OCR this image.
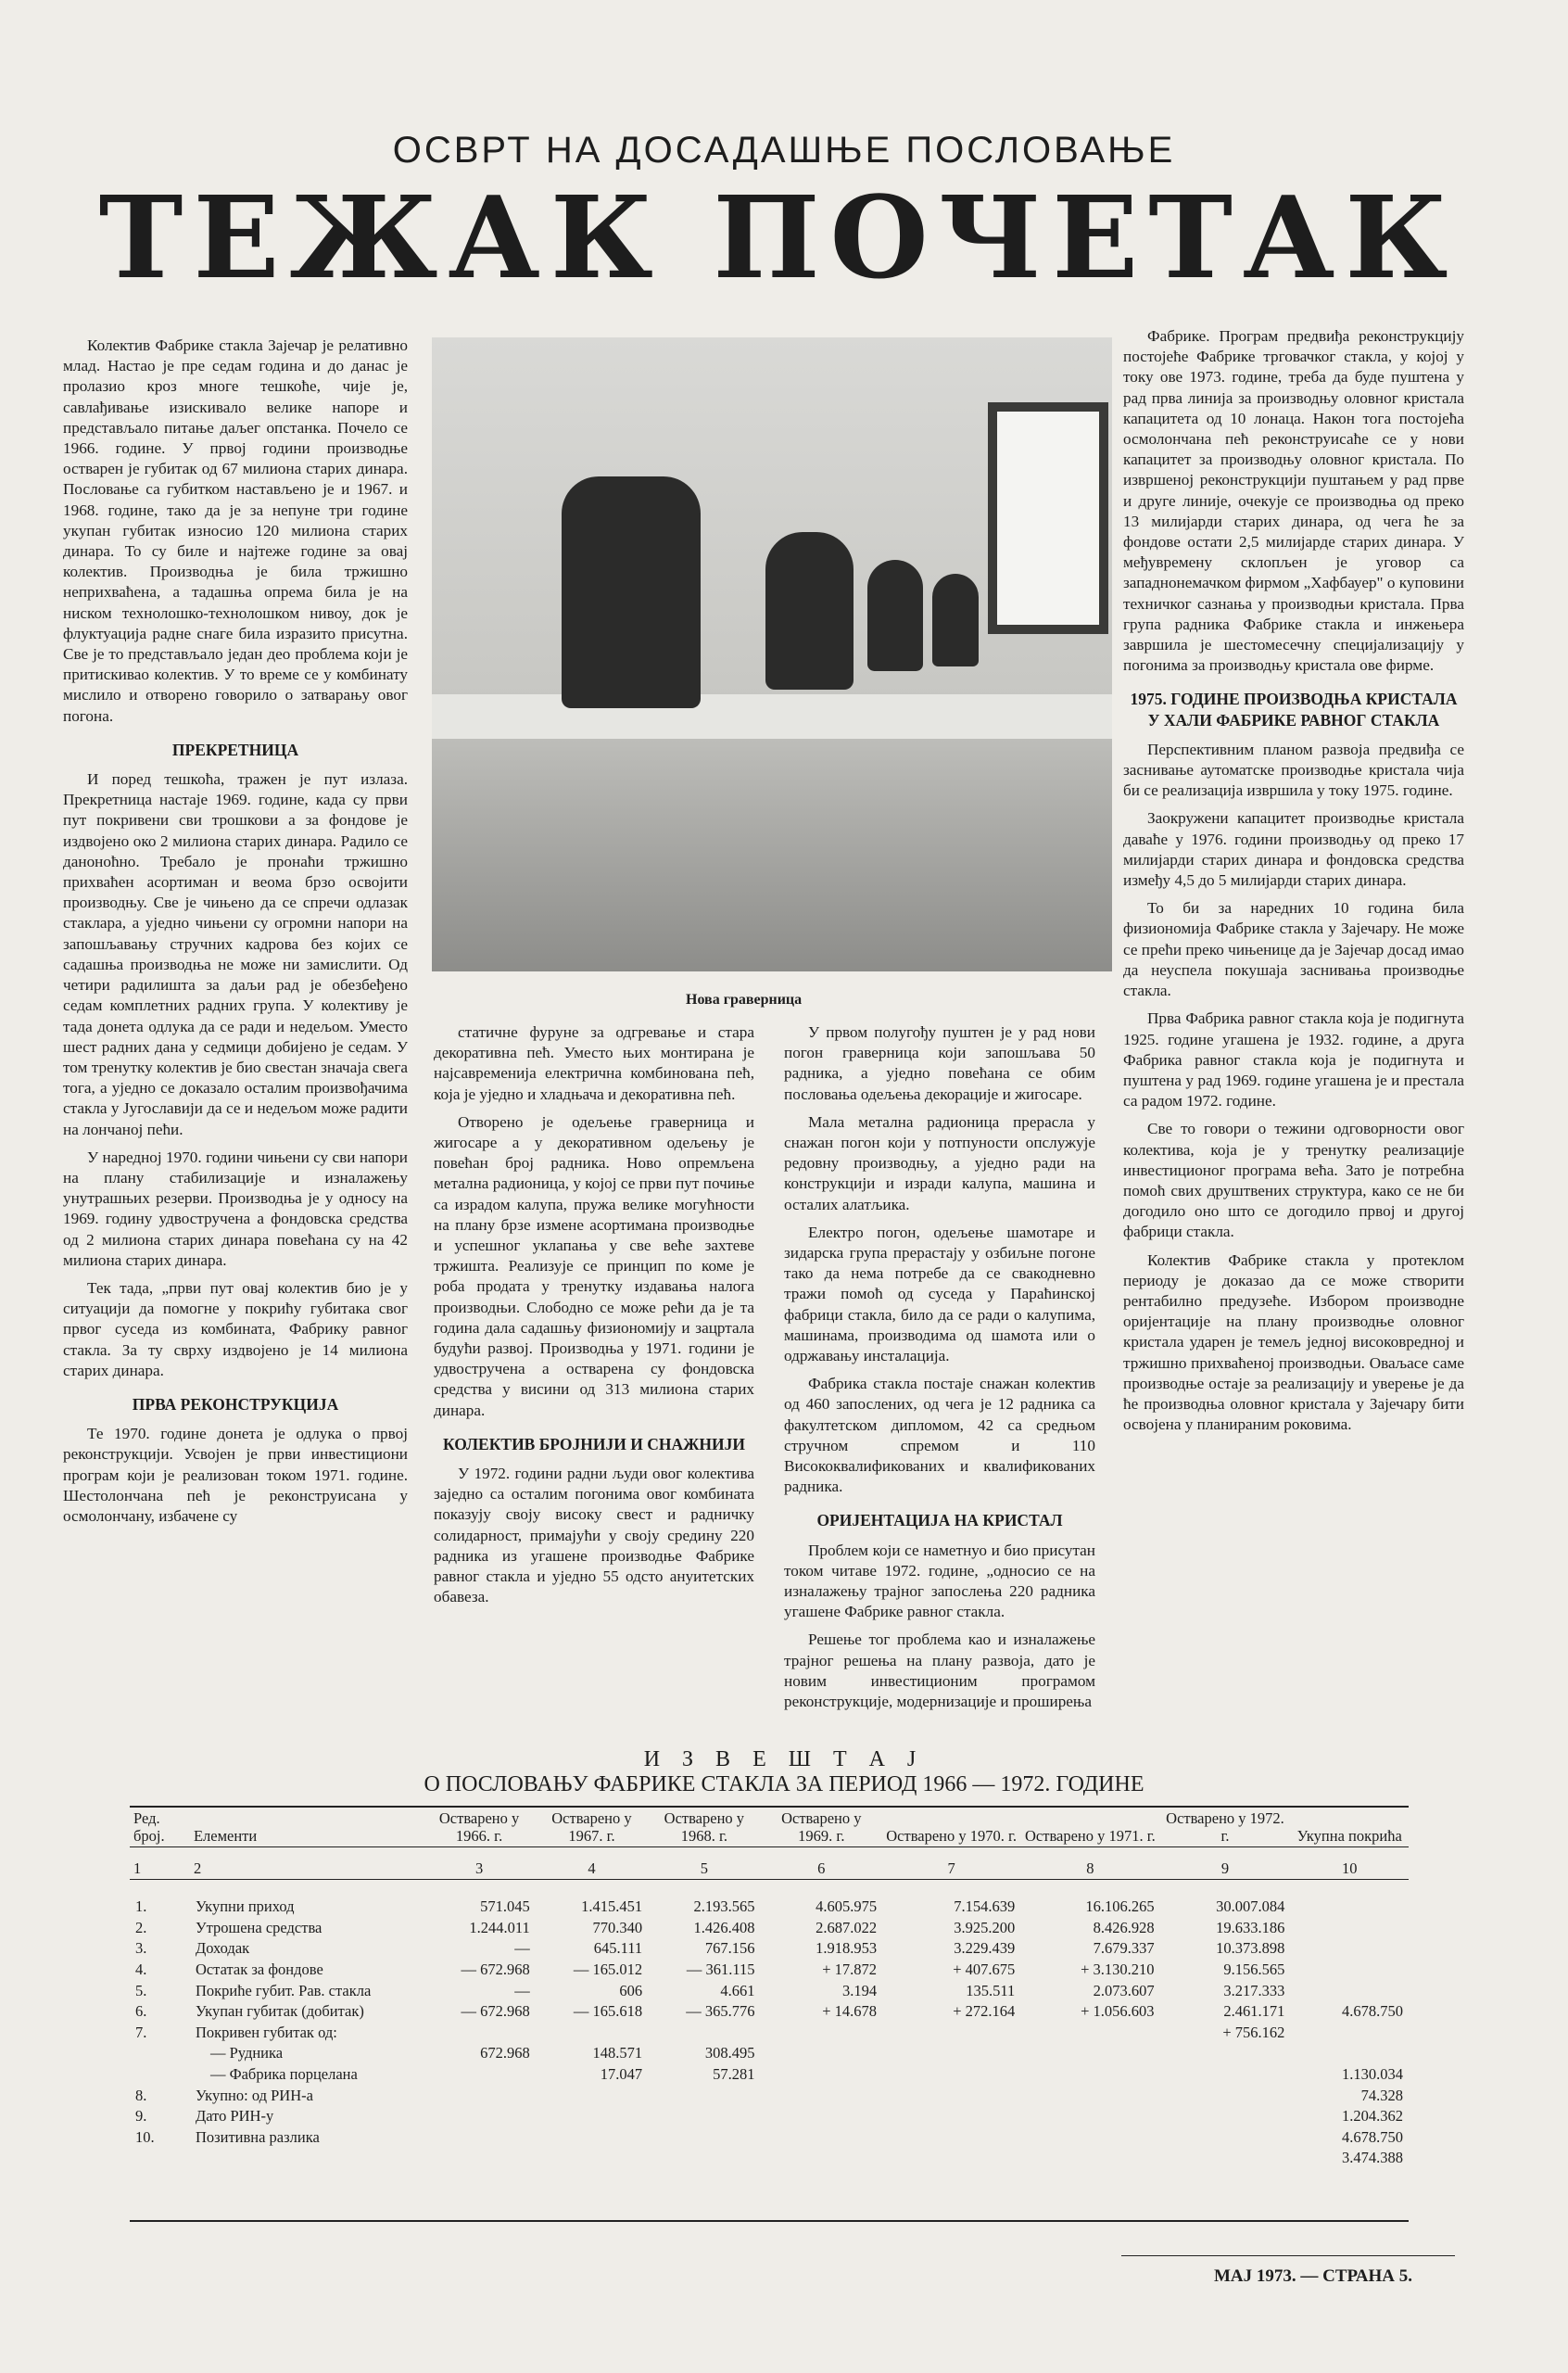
ОСВРТ НА ДОСАДАШЊЕ ПОСЛОВАЊЕ
ТЕЖАК ПОЧЕТАК

Колектив Фабрике стакла Зајечар је релативно млад. Настао је пре седам година и до данас је пролазио кроз многе тешкоће, чије је, савлађивање изискивало велике напоре и представљало питање даљег опстанка. Почело се 1966. године. У првој години производње остварен је губитак од 67 милиона старих динара. Пословање са губитком настављено је и 1967. и 1968. године, тако да је за непуне три године укупан губитак износио 120 милиона старих динара. То су биле и најтеже године за овај колектив. Производња је била тржишно неприхваћена, а тадашња опрема била је на ниском технолошко-технолошком нивоу, док је флуктуација радне снаге била изразито присутна. Све је то представљало један део проблема који је притискивао колектив. У то време се у комбинату мислило и отворено говорило о затварању овог погона.

ПРЕКРЕТНИЦА

И поред тешкоћа, тражен је пут излаза. Прекретница настаје 1969. године, када су први пут покривени сви трошкови а за фондове је издвојено око 2 милиона старих динара. Радило се даноноћно. Требало је пронаћи тржишно прихваћен асортиман и веома брзо освојити производњу. Све је чињено да се спречи одлазак стаклара, а уједно чињени су огромни напори на запошљавању стручних кадрова без којих се садашња производња не може ни замислити. Од четири радилишта за даљи рад је обезбеђено седам комплетних радних група. У колективу је тада донета одлука да се ради и недељом. Уместо шест радних дана у седмици добијено је седам. У том тренутку колектив је био свестан значаја свега тога, а уједно се доказало осталим произвођачима стакла у Југославији да се и недељом може радити на лончаној пећи.

У наредној 1970. години чињени су сви напори на плану стабилизације и изналажењу унутрашњих резерви. Производња је у односу на 1969. годину удвостручена а фондовска средства од 2 милиона старих динара повећана су на 42 милиона старих динара.

Тек тада, „први пут овај колектив био је у ситуацији да помогне у покрићу губитака свог првог суседа из комбината, Фабрику равног стакла. За ту сврху издвојено је 14 милиона старих динара.

ПРВА РЕКОНСТРУКЦИЈА

Те 1970. године донета је одлука о првој реконструкцији. Усвојен је први инвестициони програм који је реализован током 1971. године. Шестолончана пећ је реконструисана у осмолончану, избачене су

Нова граверница

статичне фуруне за одгревање и стара декоративна пећ. Уместо њих монтирана је најсавременија електрична комбинована пећ, која је уједно и хладњача и декоративна пећ.

Отворено је одељење граверница и жигосаре а у декоративном одељењу је повећан број радника. Ново опремљена метална радионица, у којој се први пут почиње са израдом калупа, пружа велике могућности на плану брзе измене асортимана производње и успешног уклапања у све веће захтеве тржишта. Реализује се принцип по коме је роба продата у тренутку издавања налога производњи. Слободно се може рећи да је та година дала садашњу физиономију и зацртала будући развој. Производња у 1971. години је удвостручена а остварена су фондовска средства у висини од 313 милиона старих динара.

КОЛЕКТИВ БРОЈНИЈИ И СНАЖНИЈИ

У 1972. години радни људи овог колектива заједно са осталим погонима овог комбината показују своју високу свест и радничку солидарност, примајући у своју средину 220 радника из угашене производње Фабрике равног стакла и уједно 55 одсто ануитетских обавеза.

У првом полугођу пуштен је у рад нови погон граверница који запошљава 50 радника, а уједно повећана се обим пословања одељења декорације и жигосаре.

Мала метална радионица прерасла у снажан погон који у потпуности опслужује редовну производњу, а уједно ради на конструкцији и изради калупа, машина и осталих алатљика.

Електро погон, одељење шамотаре и зидарска група прерастају у озбиљне погоне тако да нема потребе да се свакодневно тражи помоћ од суседа у Параћинској фабрици стакла, било да се ради о калупима, машинама, производима од шамота или о одржавању инсталација.

Фабрика стакла постаје снажан колектив од 460 запослених, од чега је 12 радника са факултетском дипломом, 42 са средњом стручном спремом и 110 Висококвалификованих и квалификованих радника.

ОРИЈЕНТАЦИЈА НА КРИСТАЛ

Проблем који се наметнуо и био присутан током читаве 1972. године, „односио се на изналажењу трајног запослења 220 радника угашене Фабрике равног стакла.

Решење тог проблема као и изналажење трајног решења на плану развоја, дато је новим инвестиционим програмом реконструкције, модернизације и проширења

Фабрике. Програм предвиђа реконструкцију постојеће Фабрике трговачког стакла, у којој у току ове 1973. године, треба да буде пуштена у рад прва линија за производњу оловног кристала капацитета од 10 лонаца. Након тога постојећа осмолончана пећ реконструисаће се у нови капацитет за производњу оловног кристала. По извршеној реконструкцији пуштањем у рад прве и друге линије, очекује се производња од преко 13 милијарди старих динара, од чега ће за фондове остати 2,5 милијарде старих динара. У међувремену склопљен је уговор са западнонемачком фирмом „Хафбауер" о куповини техничког сазнања у производњи кристала. Прва група радника Фабрике стакла и инжењера завршила је шестомесечну специјализацију у погонима за производњу кристала ове фирме.

1975. ГОДИНЕ ПРОИЗВОДЊА КРИСТАЛА У ХАЛИ ФАБРИКЕ РАВНОГ СТАКЛА

Перспективним планом развоја предвиђа се заснивање аутоматске производње кристала чија би се реализација извршила у току 1975. године.

Заокружени капацитет производње кристала даваће у 1976. години производњу од преко 17 милијарди старих динара и фондовска средства између 4,5 до 5 милијарди старих динара.

То би за наредних 10 година била физиономија Фабрике стакла у Зајечару. Не може се прећи преко чињенице да је Зајечар досад имао да неуспела покушаја заснивања производње стакла.

Прва Фабрика равног стакла која је подигнута 1925. године угашена је 1932. године, а друга Фабрика равног стакла која је подигнута и пуштена у рад 1969. године угашена је и престала са радом 1972. године.

Све то говори о тежини одговорности овог колектива, која је у тренутку реализације инвестиционог програма већа. Зато је потребна помоћ свих друштвених структура, како се не би догодило оно што се догодило првој и другој фабрици стакла.

Колектив Фабрике стакла у протеклом периоду је доказао да се може створити рентабилно предузеће. Избором производне оријентације на плану производње оловног кристала ударен је темељ једној високовредној и тржишно прихваћеној производњи. Оваљасе саме производње остаје за реализацију и уверење је да ће производња оловног кристала у Зајечару бити освојена у планираним роковима.

И З В Е Ш Т А Ј
О ПОСЛОВАЊУ ФАБРИКЕ СТАКЛА ЗА ПЕРИОД 1966 — 1972. ГОДИНЕ
Ред. број.	Елементи	Остварено у 1966. г.	Остварено у 1967. г.	Остварено у 1968. г.	Остварено у 1969. г.	Остварено у 1970. г.	Остварено у 1971. г.	Остварено у 1972. г.	Укупна покрића
1	2	3	4	5	6	7	8	9	10

1.	Укупни приход	571.045	1.415.451	2.193.565	4.605.975	7.154.639	16.106.265	30.007.084	
2.	Утрошена средства	1.244.011	770.340	1.426.408	2.687.022	3.925.200	8.426.928	19.633.186	
3.	Доходак	—	645.111	767.156	1.918.953	3.229.439	7.679.337	10.373.898	
4.	Остатак за фондове	— 672.968	— 165.012	— 361.115	+ 17.872	+ 407.675	+ 3.130.210	9.156.565	
5.	Покриће губит. Рав. стакла	—	606	4.661	3.194	135.511	2.073.607	3.217.333	
6.	Укупан губитак (добитак)	— 672.968	— 165.618	— 365.776	+ 14.678	+ 272.164	+ 1.056.603	2.461.171	4.678.750
7.	Покривен губитак од:							+ 756.162	
	— Рудника	672.968	148.571	308.495					
	— Фабрика порцелана		17.047	57.281					1.130.034
8.	Укупно: од РИН-а								74.328
9.	Дато РИН-у								1.204.362
10.	Позитивна разлика								4.678.750
									3.474.388
МАЈ 1973. — СТРАНА 5.
